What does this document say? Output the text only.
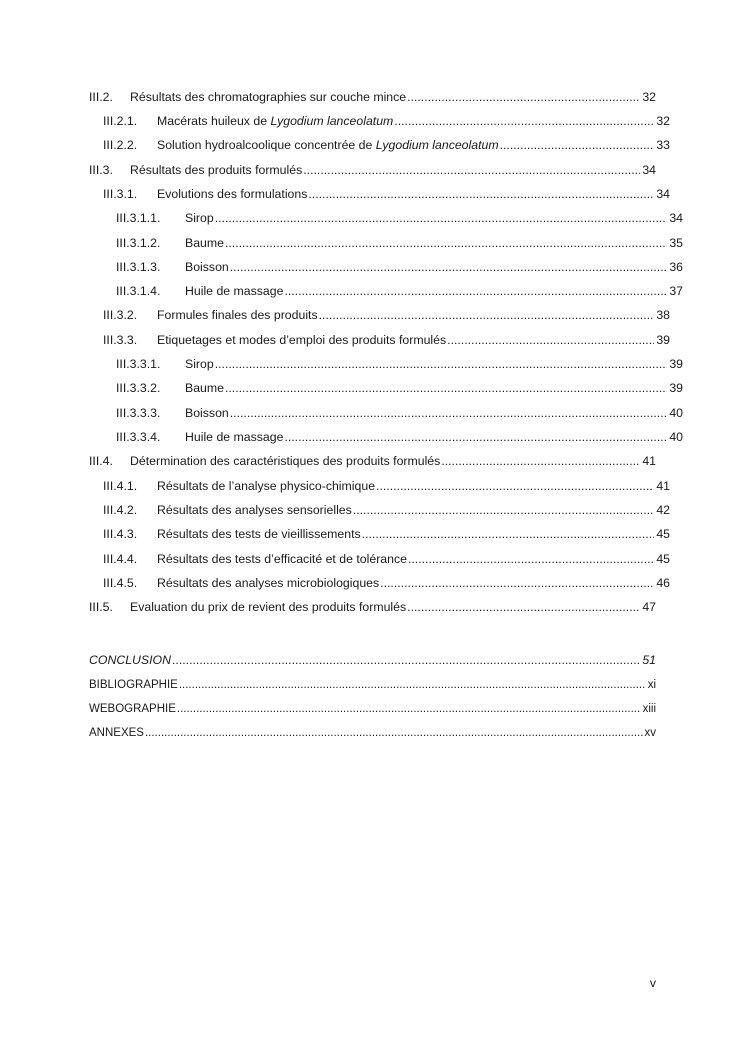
III.2.	Résultats des chromatographies sur couche mince .....	32
III.2.1.	Macérats huileux de Lygodium lanceolatum .....	32
III.2.2.	Solution hydroalcoolique concentrée de Lygodium lanceolatum .....	33
III.3.	Résultats des produits formulés .....	34
III.3.1.	Evolutions des formulations .....	34
III.3.1.1.	Sirop .....	34
III.3.1.2.	Baume .....	35
III.3.1.3.	Boisson .....	36
III.3.1.4.	Huile de massage .....	37
III.3.2.	Formules finales des produits .....	38
III.3.3.	Etiquetages et modes d’emploi des produits formulés .....	39
III.3.3.1.	Sirop .....	39
III.3.3.2.	Baume .....	39
III.3.3.3.	Boisson .....	40
III.3.3.4.	Huile de massage .....	40
III.4.	Détermination des caractéristiques des produits formulés .....	41
III.4.1.	Résultats de l’analyse physico-chimique .....	41
III.4.2.	Résultats des analyses sensorielles .....	42
III.4.3.	Résultats des tests de vieillissements .....	45
III.4.4.	Résultats des tests d’efficacité et de tolérance .....	45
III.4.5.	Résultats des analyses microbiologiques .....	46
III.5.	Evaluation du prix de revient des produits formulés .....	47
CONCLUSION .....	51
BIBLIOGRAPHIE .....	xi
WEBOGRAPHIE .....	xiii
ANNEXES .....	xv
v
